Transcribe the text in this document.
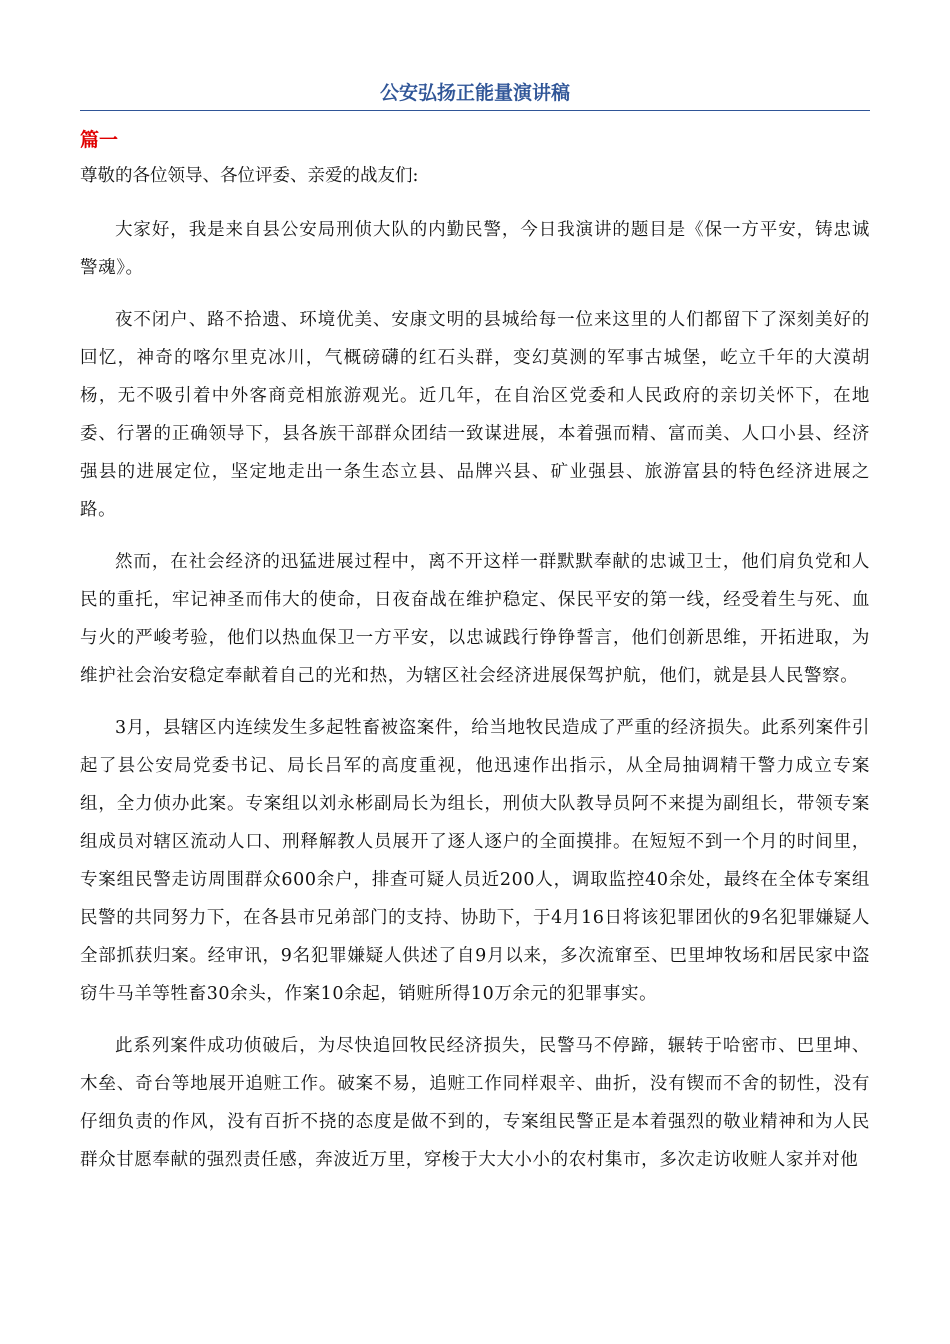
公安弘扬正能量演讲稿
篇一

尊敬的各位领导、各位评委、亲爱的战友们:

大家好，我是来自县公安局刑侦大队的内勤民警，今日我演讲的题目是《保一方平安，铸忠诚警魂》。

夜不闭户、路不拾遗、环境优美、安康文明的县城给每一位来这里的人们都留下了深刻美好的回忆，神奇的喀尔里克冰川，气概磅礴的红石头群，变幻莫测的军事古城堡，屹立千年的大漠胡杨，无不吸引着中外客商竞相旅游观光。近几年，在自治区党委和人民政府的亲切关怀下，在地委、行署的正确领导下，县各族干部群众团结一致谋进展，本着强而精、富而美、人口小县、经济强县的进展定位，坚定地走出一条生态立县、品牌兴县、矿业强县、旅游富县的特色经济进展之路。

然而，在社会经济的迅猛进展过程中，离不开这样一群默默奉献的忠诚卫士，他们肩负党和人民的重托，牢记神圣而伟大的使命，日夜奋战在维护稳定、保民平安的第一线，经受着生与死、血与火的严峻考验，他们以热血保卫一方平安，以忠诚践行铮铮誓言，他们创新思维，开拓进取，为维护社会治安稳定奉献着自己的光和热，为辖区社会经济进展保驾护航，他们，就是县人民警察。

3月，县辖区内连续发生多起牲畜被盗案件，给当地牧民造成了严重的经济损失。此系列案件引起了县公安局党委书记、局长吕军的高度重视，他迅速作出指示，从全局抽调精干警力成立专案组，全力侦办此案。专案组以刘永彬副局长为组长，刑侦大队教导员阿不来提为副组长，带领专案组成员对辖区流动人口、刑释解教人员展开了逐人逐户的全面摸排。在短短不到一个月的时间里，专案组民警走访周围群众600余户，排查可疑人员近200人，调取监控40余处，最终在全体专案组民警的共同努力下，在各县市兄弟部门的支持、协助下，于4月16日将该犯罪团伙的9名犯罪嫌疑人全部抓获归案。经审讯，9名犯罪嫌疑人供述了自9月以来，多次流窜至、巴里坤牧场和居民家中盗窃牛马羊等牲畜30余头，作案10余起，销赃所得10万余元的犯罪事实。

此系列案件成功侦破后，为尽快追回牧民经济损失，民警马不停蹄，辗转于哈密市、巴里坤、木垒、奇台等地展开追赃工作。破案不易，追赃工作同样艰辛、曲折，没有锲而不舍的韧性，没有仔细负责的作风，没有百折不挠的态度是做不到的，专案组民警正是本着强烈的敬业精神和为人民群众甘愿奉献的强烈责任感，奔波近万里，穿梭于大大小小的农村集市，多次走访收赃人家并对他
